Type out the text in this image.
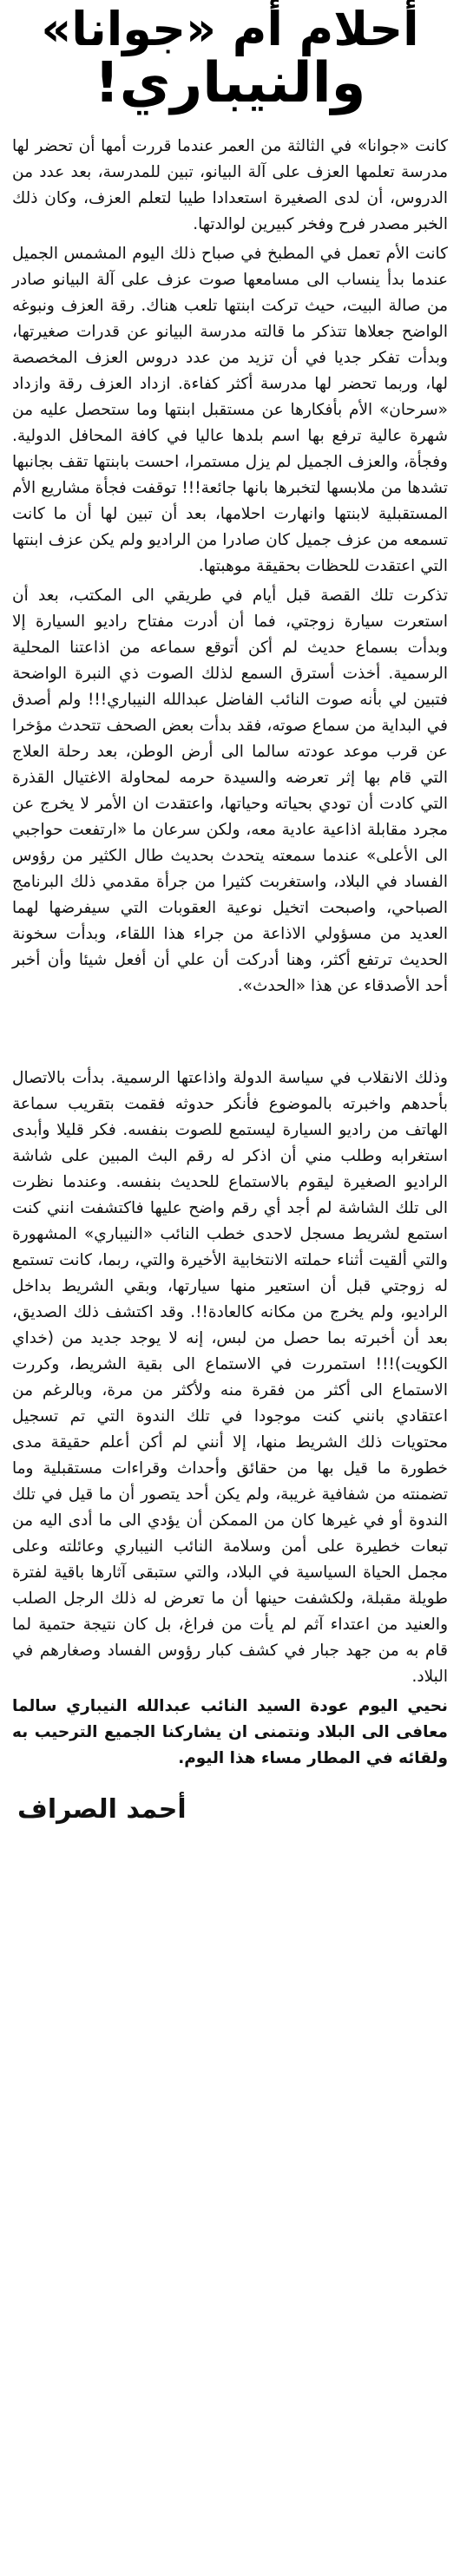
أحلام أم «جوانا»
والنيباري!

كانت «جوانا» في الثالثة من العمر عندما قررت أمها أن تحضر لها مدرسة تعلمها العزف على آلة البيانو، تبين للمدرسة، بعد عدد من الدروس، أن لدى الصغيرة استعدادا طيبا لتعلم العزف، وكان ذلك الخبر مصدر فرح وفخر كبيرين لوالدتها.

كانت الأم تعمل في المطبخ في صباح ذلك اليوم المشمس الجميل عندما بدأ ينساب الى مسامعها صوت عزف على آلة البيانو صادر من صالة البيت، حيث تركت ابنتها تلعب هناك. رقة العزف ونبوغه الواضح جعلاها تتذكر ما قالته مدرسة البيانو عن قدرات صغيرتها، وبدأت تفكر جديا في أن تزيد من عدد دروس العزف المخصصة لها، وربما تحضر لها مدرسة أكثر كفاءة. ازداد العزف رقة وازداد «سرحان» الأم بأفكارها عن مستقبل ابنتها وما ستحصل عليه من شهرة عالية ترفع بها اسم بلدها عاليا في كافة المحافل الدولية. وفجأة، والعزف الجميل لم يزل مستمرا، احست بابنتها تقف بجانبها تشدها من ملابسها لتخبرها بانها جائعة!!! توقفت فجأة مشاريع الأم المستقبلية لابنتها وانهارت احلامها، بعد أن تبين لها أن ما كانت تسمعه من عزف جميل كان صادرا من الراديو ولم يكن عزف ابنتها التي اعتقدت للحظات بحقيقة موهبتها.

تذكرت تلك القصة قبل أيام في طريقي الى المكتب، بعد أن استعرت سيارة زوجتي، فما أن أدرت مفتاح راديو السيارة إلا وبدأت بسماع حديث لم أكن أتوقع سماعه من اذاعتنا المحلية الرسمية. أخذت أسترق السمع لذلك الصوت ذي النبرة الواضحة فتبين لي بأنه صوت النائب الفاضل عبدالله النيباري!!! ولم أصدق في البداية من سماع صوته، فقد بدأت بعض الصحف تتحدث مؤخرا عن قرب موعد عودته سالما الى أرض الوطن، بعد رحلة العلاج التي قام بها إثر تعرضه والسيدة حرمه لمحاولة الاغتيال القذرة التي كادت أن تودي بحياته وحياتها، واعتقدت ان الأمر لا يخرج عن مجرد مقابلة اذاعية عادية معه، ولكن سرعان ما «ارتفعت حواجبي الى الأعلى» عندما سمعته يتحدث بحديث طال الكثير من رؤوس الفساد في البلاد، واستغربت كثيرا من جرأة مقدمي ذلك البرنامج الصباحي، واصبحت اتخيل نوعية العقوبات التي سيفرضها لهما العديد من مسؤولي الاذاعة من جراء هذا اللقاء، وبدأت سخونة الحديث ترتفع أكثر، وهنا أدركت أن علي أن أفعل شيئا وأن أخبر أحد الأصدقاء عن هذا «الحدث».

وذلك الانقلاب في سياسة الدولة واذاعتها الرسمية. بدأت بالاتصال بأحدهم واخبرته بالموضوع فأنكر حدوثه فقمت بتقريب سماعة الهاتف من راديو السيارة ليستمع للصوت بنفسه. فكر قليلا وأبدى استغرابه وطلب مني أن اذكر له رقم البث المبين على شاشة الراديو الصغيرة ليقوم بالاستماع للحديث بنفسه. وعندما نظرت الى تلك الشاشة لم أجد أي رقم واضح عليها فاكتشفت انني كنت استمع لشريط مسجل لاحدى خطب النائب «النيباري» المشهورة والتي ألقيت أثناء حملته الانتخابية الأخيرة والتي، ربما، كانت تستمع له زوجتي قبل أن استعير منها سيارتها، وبقي الشريط بداخل الراديو، ولم يخرج من مكانه كالعادة!!. وقد اكتشف ذلك الصديق، بعد أن أخبرته بما حصل من لبس، إنه لا يوجد جديد من (خداي الكويت)!!! استمررت في الاستماع الى بقية الشريط، وكررت الاستماع الى أكثر من فقرة منه ولأكثر من مرة، وبالرغم من اعتقادي بانني كنت موجودا في تلك الندوة التي تم تسجيل محتويات ذلك الشريط منها، إلا أنني لم أكن أعلم حقيقة مدى خطورة ما قيل بها من حقائق وأحداث وقراءات مستقبلية وما تضمنته من شفافية غريبة، ولم يكن أحد يتصور أن ما قيل في تلك الندوة أو في غيرها كان من الممكن أن يؤدي الى ما أدى اليه من تبعات خطيرة على أمن وسلامة النائب النيباري وعائلته وعلى مجمل الحياة السياسية في البلاد، والتي ستبقى آثارها باقية لفترة طويلة مقبلة، ولكشفت حينها أن ما تعرض له ذلك الرجل الصلب والعنيد من اعتداء آثم لم يأت من فراغ، بل كان نتيجة حتمية لما قام به من جهد جبار في كشف كبار رؤوس الفساد وصغارهم في البلاد.

نحيي اليوم عودة السيد النائب عبدالله النيباري سالما معافى الى البلاد ونتمنى ان يشاركنا الجميع الترحيب به ولقائه في المطار مساء هذا اليوم.

أحمد الصراف
